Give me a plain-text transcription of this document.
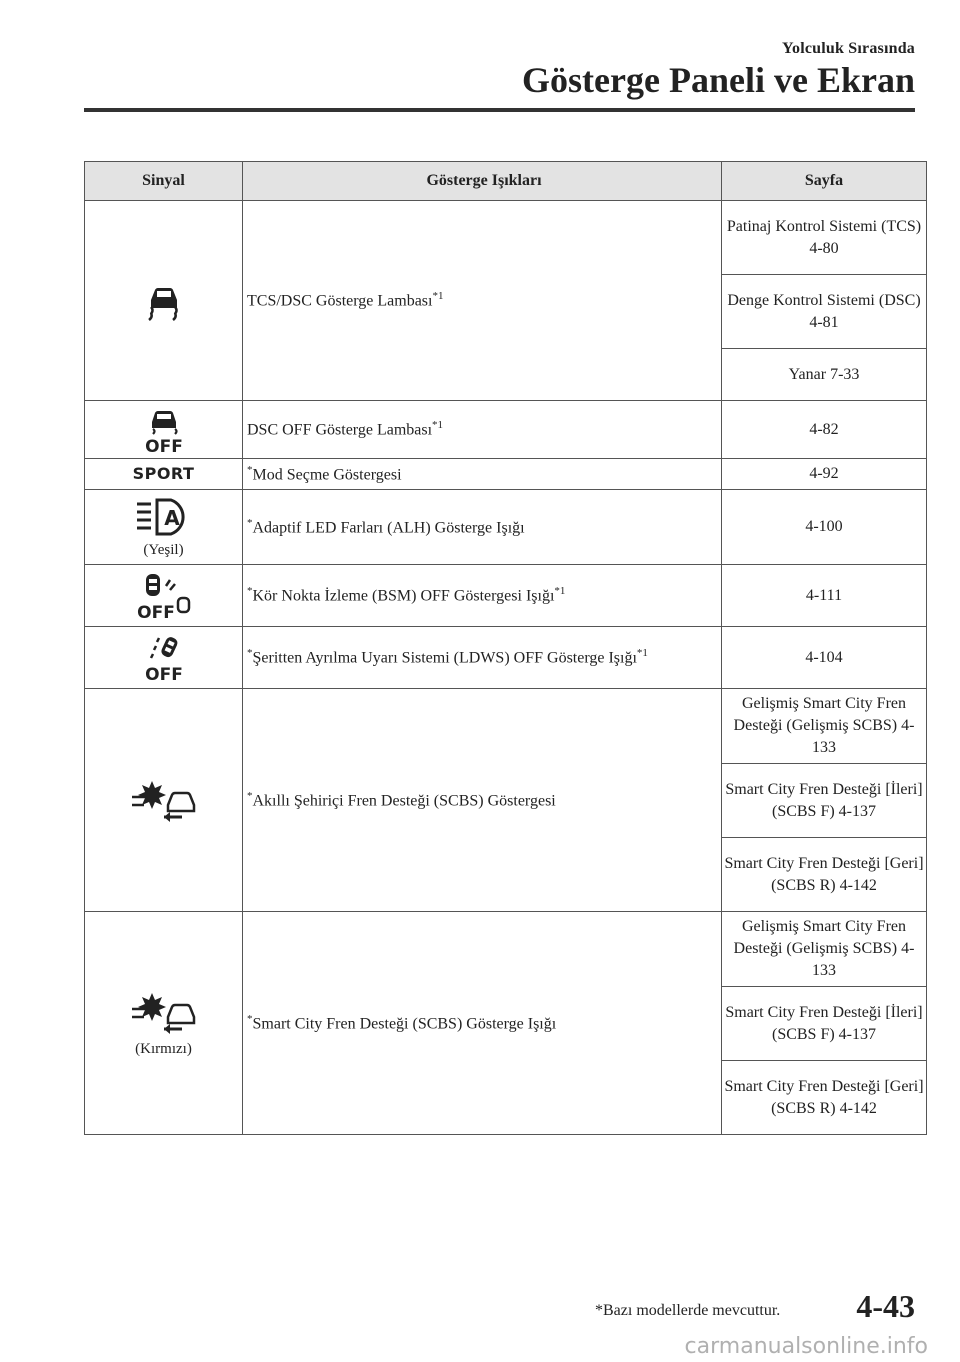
Yolculuk Sırasında
Gösterge Paneli ve Ekran
Sinyal	Gösterge Işıkları	Sayfa

	TCS/DSC Gösterge Lambası$^{*1}$	Patinaj Kontrol Sistemi (TCS) 4-80
		Denge Kontrol Sistemi (DSC) 4-81
		Yanar 7-33

OFF	DSC OFF Gösterge Lambası$^{*1}$	4-82
SPORT	*Mod Seçme Göstergesi	4-92

A
(Yeşil)	*Adaptif LED Farları (ALH) Gösterge Işığı	4-100

OFF	*Kör Nokta İzleme (BSM) OFF Göstergesi Işığı$^{*1}$	4-111

OFF	*Şeritten Ayrılma Uyarı Sistemi (LDWS) OFF Gösterge Işığı$^{*1}$	4-104

	*Akıllı Şehiriçi Fren Desteği (SCBS) Göstergesi	Gelişmiş Smart City Fren Desteği (Gelişmiş SCBS) 4-133
		Smart City Fren Desteği [İleri] (SCBS F) 4-137
		Smart City Fren Desteği [Geri] (SCBS R) 4-142

(Kırmızı)	*Smart City Fren Desteği (SCBS) Gösterge Işığı	Gelişmiş Smart City Fren Desteği (Gelişmiş SCBS) 4-133
		Smart City Fren Desteği [İleri] (SCBS F) 4-137
		Smart City Fren Desteği [Geri] (SCBS R) 4-142
*Bazı modellerde mevcuttur. 4-43
carmanualsonline.info
